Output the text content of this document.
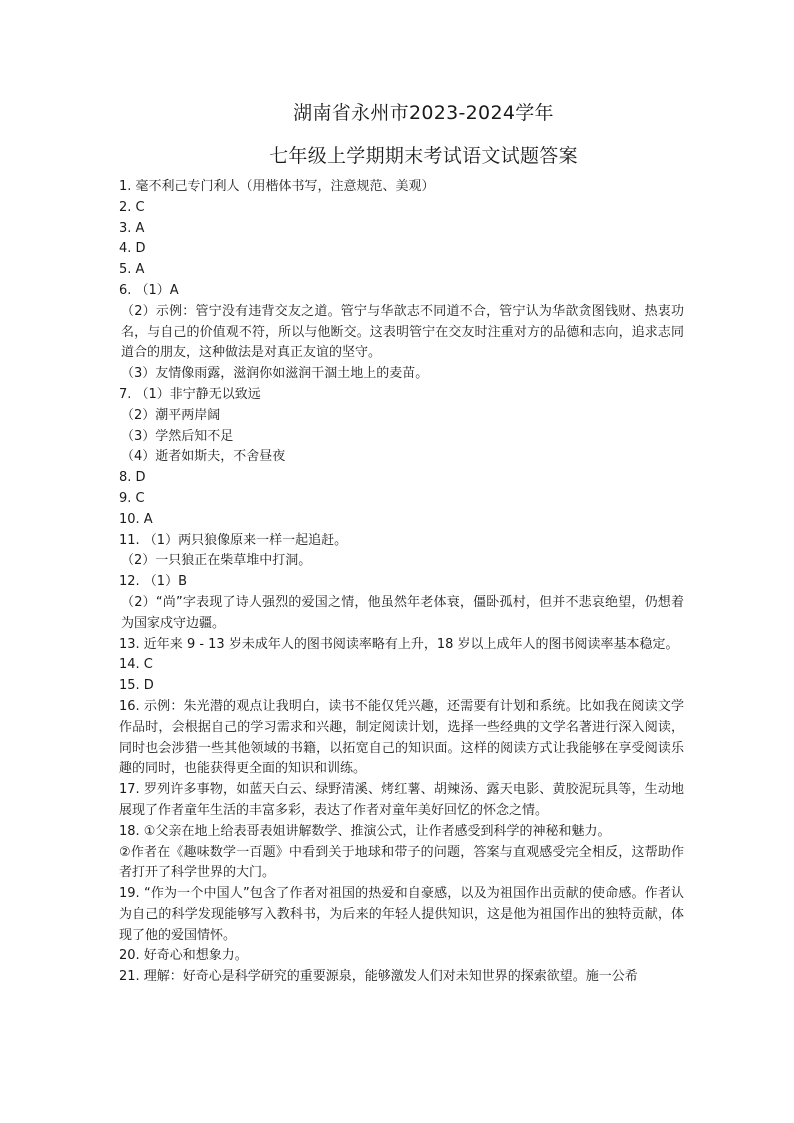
湖南省永州市2023-2024学年
七年级上学期期末考试语文试题答案
1. 毫不利己专门利人（用楷体书写，注意规范、美观）
2. C
3. A
4. D
5. A
6. （1）A
（2）示例：管宁没有违背交友之道。管宁与华歆志不同道不合，管宁认为华歆贪图钱财、热衷功名，与自己的价值观不符，所以与他断交。这表明管宁在交友时注重对方的品德和志向，追求志同道合的朋友，这种做法是对真正友谊的坚守。
（3）友情像雨露，滋润你如滋润干涸土地上的麦苗。
7. （1）非宁静无以致远
（2）潮平两岸阔
（3）学然后知不足
（4）逝者如斯夫，不舍昼夜
8. D
9. C
10. A
11. （1）两只狼像原来一样一起追赶。
（2）一只狼正在柴草堆中打洞。
12. （1）B
（2）“尚”字表现了诗人强烈的爱国之情，他虽然年老体衰，僵卧孤村，但并不悲哀绝望，仍想着为国家戍守边疆。
13. 近年来 9 - 13 岁未成年人的图书阅读率略有上升，18 岁以上成年人的图书阅读率基本稳定。
14. C
15. D
16. 示例：朱光潜的观点让我明白，读书不能仅凭兴趣，还需要有计划和系统。比如我在阅读文学作品时，会根据自己的学习需求和兴趣，制定阅读计划，选择一些经典的文学名著进行深入阅读，同时也会涉猎一些其他领域的书籍，以拓宽自己的知识面。这样的阅读方式让我能够在享受阅读乐趣的同时，也能获得更全面的知识和训练。
17. 罗列许多事物，如蓝天白云、绿野清溪、烤红薯、胡辣汤、露天电影、黄胶泥玩具等，生动地展现了作者童年生活的丰富多彩，表达了作者对童年美好回忆的怀念之情。
18. ①父亲在地上给表哥表姐讲解数学、推演公式，让作者感受到科学的神秘和魅力。
②作者在《趣味数学一百题》中看到关于地球和带子的问题，答案与直观感受完全相反，这帮助作者打开了科学世界的大门。
19. “作为一个中国人”包含了作者对祖国的热爱和自豪感，以及为祖国作出贡献的使命感。作者认为自己的科学发现能够写入教科书，为后来的年轻人提供知识，这是他为祖国作出的独特贡献，体现了他的爱国情怀。
20. 好奇心和想象力。
21. 理解：好奇心是科学研究的重要源泉，能够激发人们对未知世界的探索欲望。施一公希
